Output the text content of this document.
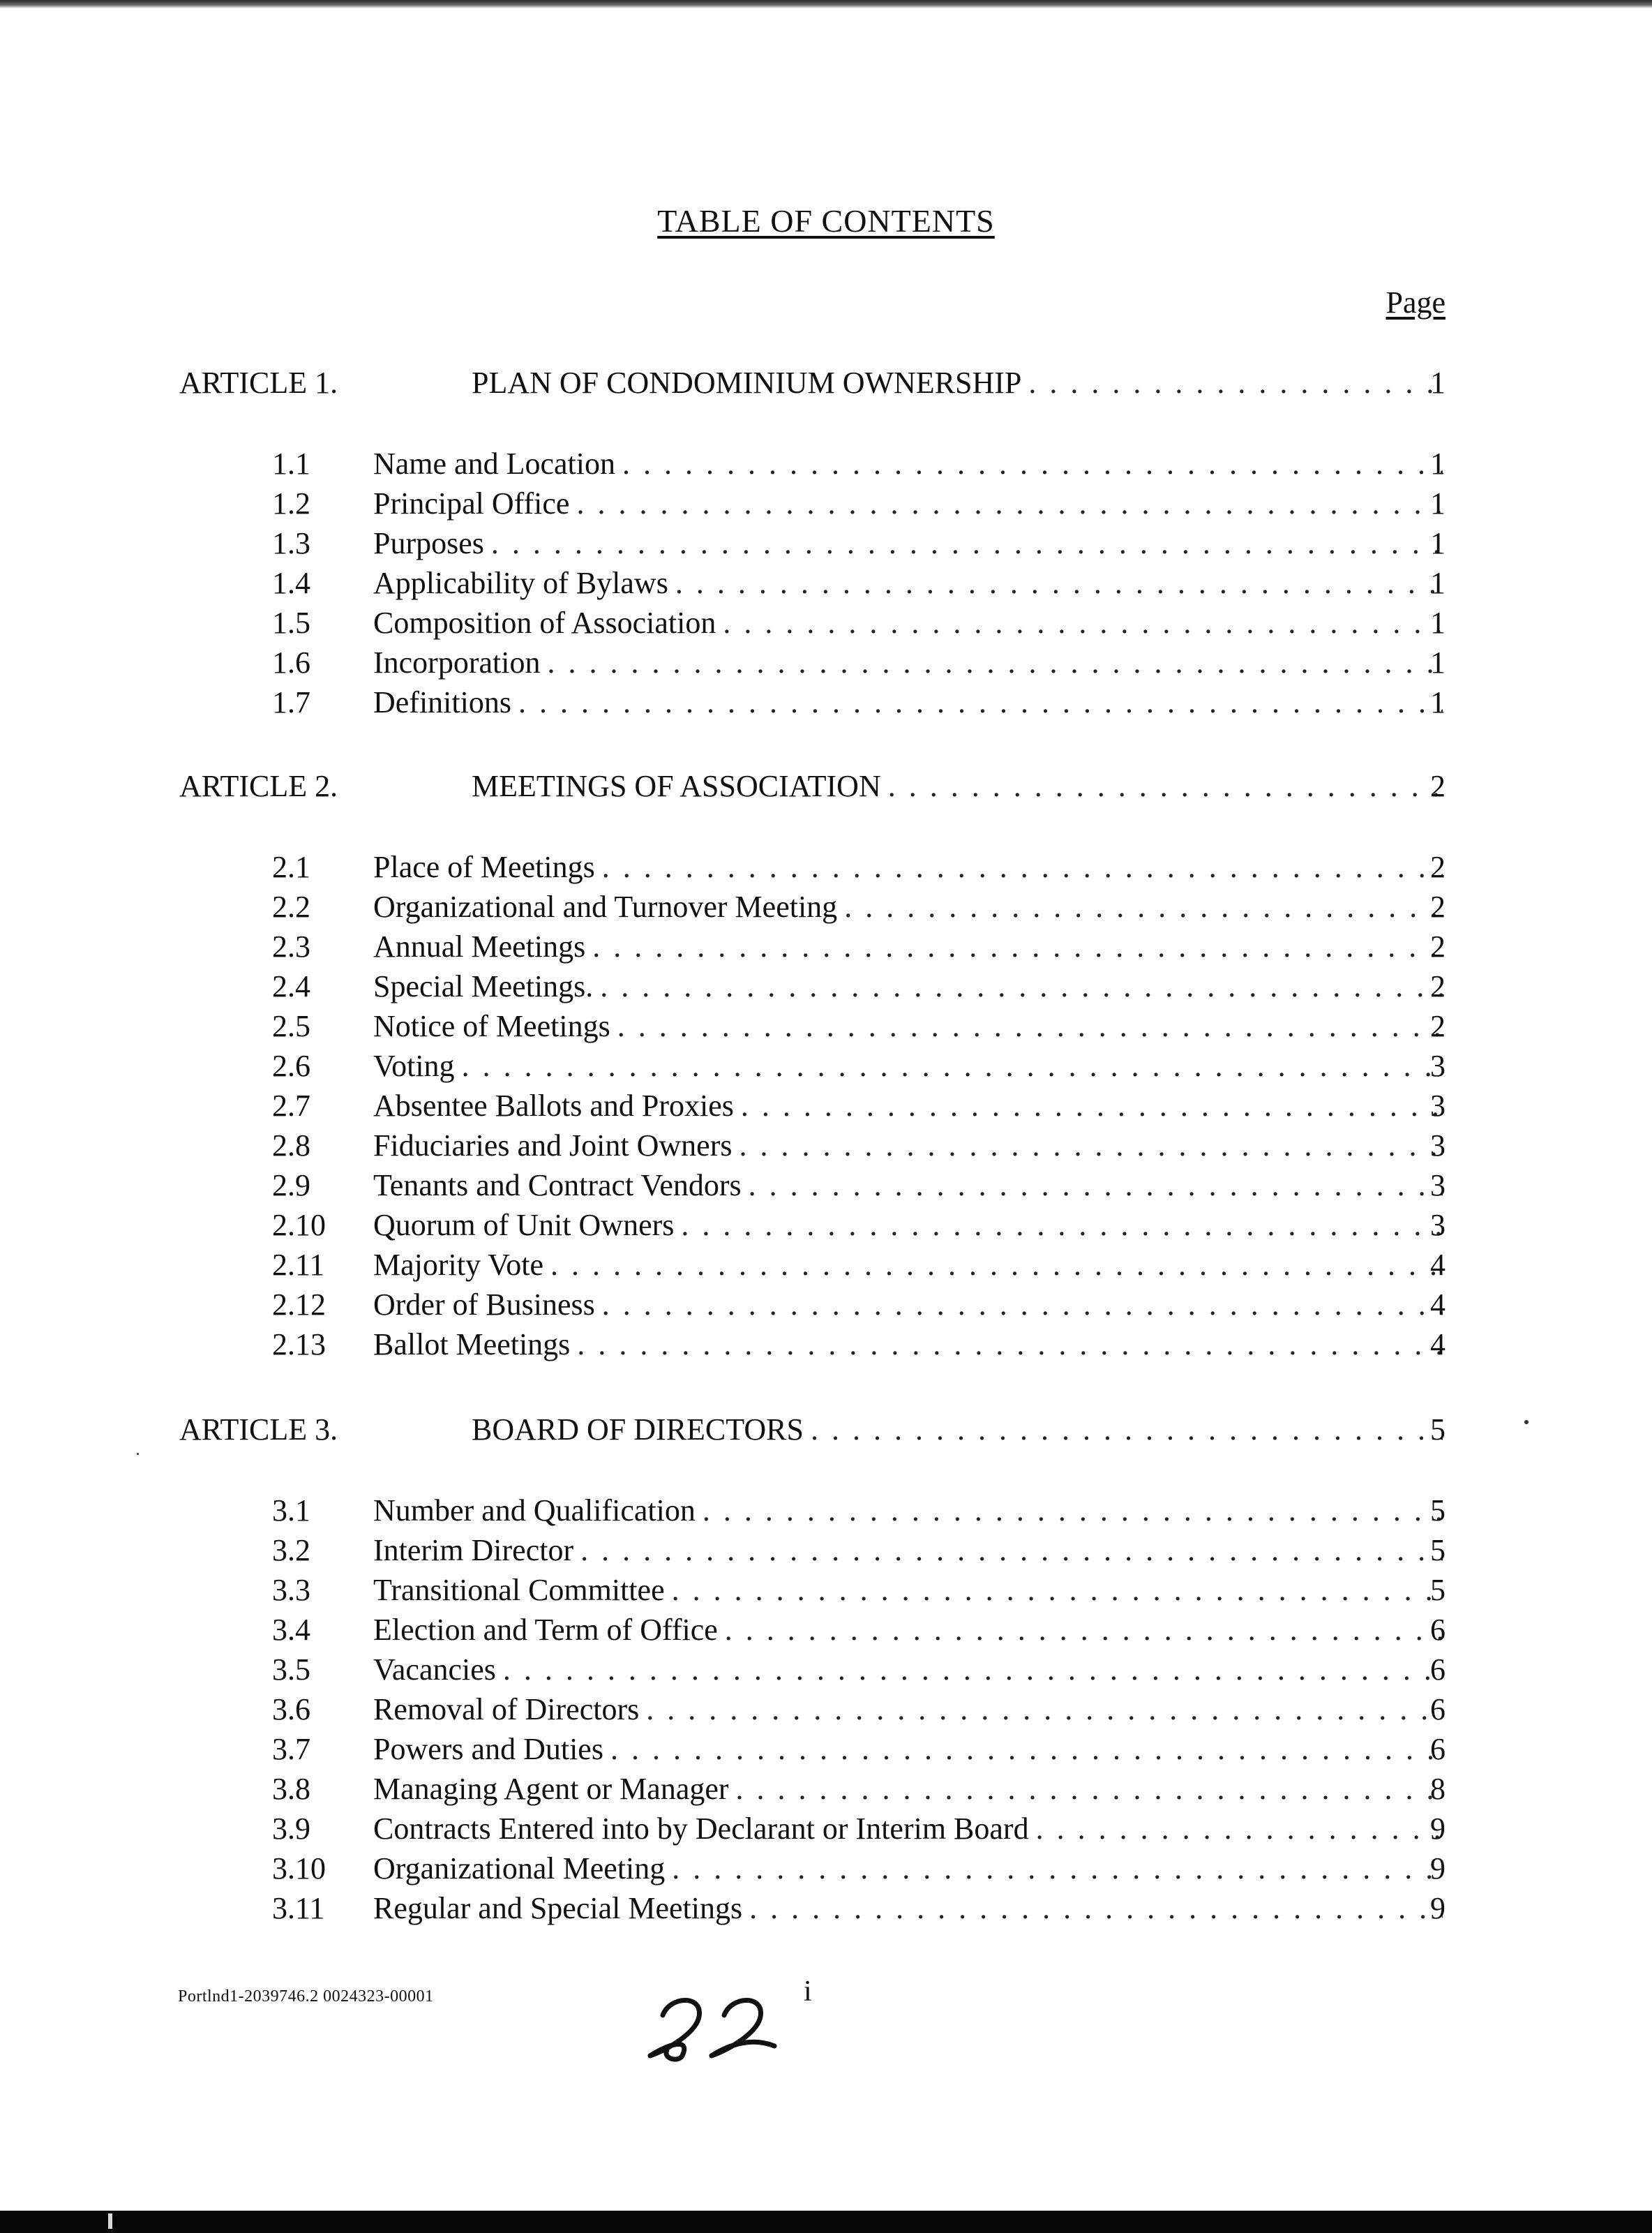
TABLE OF CONTENTS
Page
ARTICLE 1.	PLAN OF CONDOMINIUM OWNERSHIP . . .	1
1.1 Name and Location . . .	1
1.2 Principal Office . . .	1
1.3 Purposes . . .	1
1.4 Applicability of Bylaws . . .	1
1.5 Composition of Association . . .	1
1.6 Incorporation . . .	1
1.7 Definitions . . .	1
ARTICLE 2.	MEETINGS OF ASSOCIATION . . .	2
2.1 Place of Meetings . . .	2
2.2 Organizational and Turnover Meeting . . .	2
2.3 Annual Meetings . . .	2
2.4 Special Meetings. . . .	2
2.5 Notice of Meetings . . .	2
2.6 Voting . . .	3
2.7 Absentee Ballots and Proxies . . .	3
2.8 Fiduciaries and Joint Owners . . .	3
2.9 Tenants and Contract Vendors . . .	3
2.10 Quorum of Unit Owners . . .	3
2.11 Majority Vote . . .	4
2.12 Order of Business . . .	4
2.13 Ballot Meetings . . .	4
ARTICLE 3.	BOARD OF DIRECTORS . . .	5
3.1 Number and Qualification . . .	5
3.2 Interim Director . . .	5
3.3 Transitional Committee . . .	5
3.4 Election and Term of Office . . .	6
3.5 Vacancies . . .	6
3.6 Removal of Directors . . .	6
3.7 Powers and Duties . . .	6
3.8 Managing Agent or Manager . . .	8
3.9 Contracts Entered into by Declarant or Interim Board . . .	9
3.10 Organizational Meeting . . .	9
3.11 Regular and Special Meetings . . .	9
Portlnd1-2039746.2 0024323-00001	i
